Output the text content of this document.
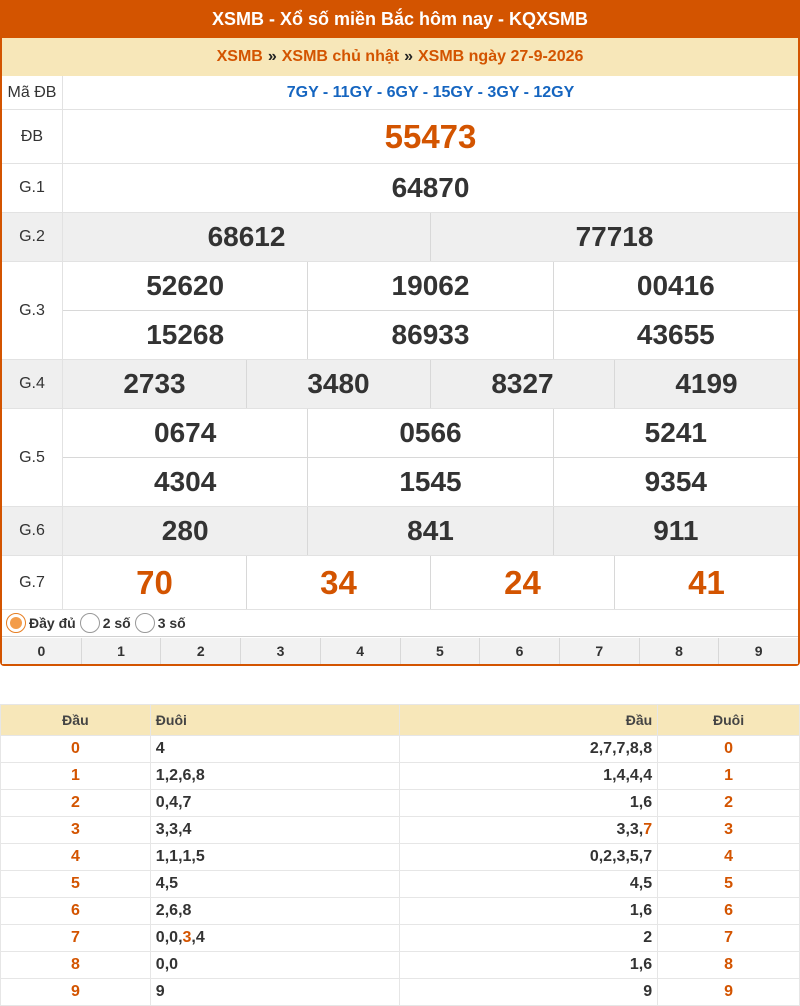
XSMB - Xổ số miền Bắc hôm nay - KQXSMB
XSMB » XSMB chủ nhật » XSMB ngày 27-9-2026
Mã ĐB	7GY - 11GY - 6GY - 15GY - 3GY - 12GY
ĐB	55473
G.1	64870
G.2	68612	77718
G.3
52620	19062	00416
15268	86933	43655
G.4	2733	3480	8327	4199
G.5
0674	0566	5241
4304	1545	9354
G.6	280	841	911
G.7	70	34	24	41
Đầy đủ 2 số 3 số
0	1	2	3	4	5	6	7	8	9
Đầu	Đuôi	Đầu	Đuôi
0	4	2,7,7,8,8	0
1	1,2,6,8	1,4,4,4	1
2	0,4,7	1,6	2
3	3,3,4	3,3,7	3
4	1,1,1,5	0,2,3,5,7	4
5	4,5	4,5	5
6	2,6,8	1,6	6
7	0,0,3,4	2	7
8	0,0	1,6	8
9	9	9	9
